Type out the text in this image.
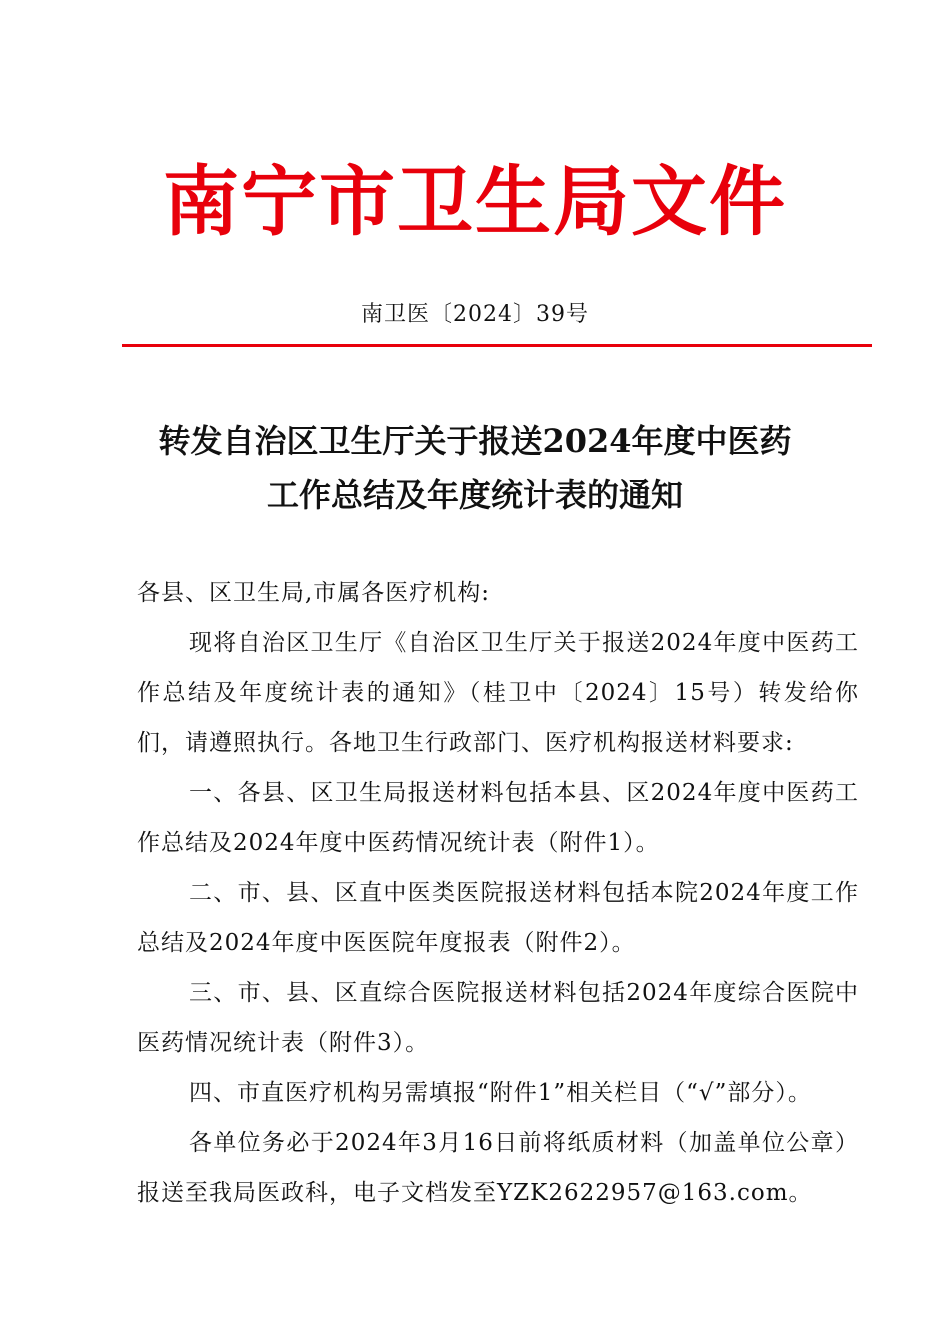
南宁市卫生局文件
南卫医〔2024〕39号
转发自治区卫生厅关于报送2024年度中医药
工作总结及年度统计表的通知

各县、区卫生局,市属各医疗机构:

现将自治区卫生厅《自治区卫生厅关于报送2024年度中医药工作总结及年度统计表的通知》（桂卫中〔2024〕15号）转发给你们，请遵照执行。各地卫生行政部门、医疗机构报送材料要求:

一、各县、区卫生局报送材料包括本县、区2024年度中医药工作总结及2024年度中医药情况统计表（附件1）。

二、市、县、区直中医类医院报送材料包括本院2024年度工作总结及2024年度中医医院年度报表（附件2）。

三、市、县、区直综合医院报送材料包括2024年度综合医院中医药情况统计表（附件3）。

四、市直医疗机构另需填报“附件1”相关栏目（“√”部分）。

各单位务必于2024年3月16日前将纸质材料（加盖单位公章）报送至我局医政科，电子文档发至YZK2622957@163.com。
